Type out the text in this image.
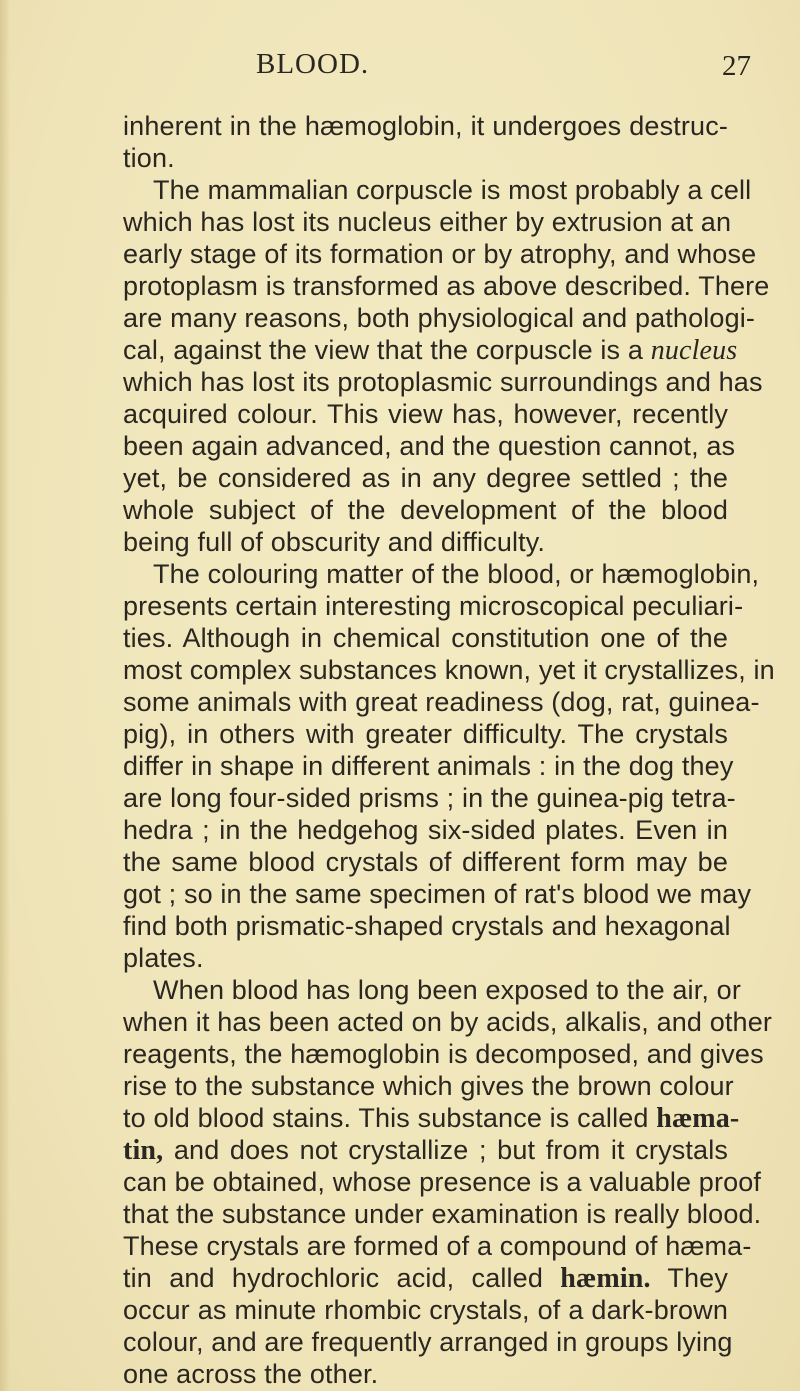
BLOOD.	27
inherent in the hæmoglobin, it undergoes destruc-
tion.
The mammalian corpuscle is most probably a cell
which has lost its nucleus either by extrusion at an
early stage of its formation or by atrophy, and whose
protoplasm is transformed as above described. There
are many reasons, both physiological and pathologi-
cal, against the view that the corpuscle is a nucleus
which has lost its protoplasmic surroundings and has
acquired colour. This view has, however, recently
been again advanced, and the question cannot, as
yet, be considered as in any degree settled ; the
whole subject of the development of the blood
being full of obscurity and difficulty.
The colouring matter of the blood, or hæmoglobin,
presents certain interesting microscopical peculiari-
ties. Although in chemical constitution one of the
most complex substances known, yet it crystallizes, in
some animals with great readiness (dog, rat, guinea-
pig), in others with greater difficulty. The crystals
differ in shape in different animals : in the dog they
are long four-sided prisms ; in the guinea-pig tetra-
hedra ; in the hedgehog six-sided plates. Even in
the same blood crystals of different form may be
got ; so in the same specimen of rat's blood we may
find both prismatic-shaped crystals and hexagonal
plates.
When blood has long been exposed to the air, or
when it has been acted on by acids, alkalis, and other
reagents, the hæmoglobin is decomposed, and gives
rise to the substance which gives the brown colour
to old blood stains. This substance is called hæma-
tin, and does not crystallize ; but from it crystals
can be obtained, whose presence is a valuable proof
that the substance under examination is really blood.
These crystals are formed of a compound of hæma-
tin and hydrochloric acid, called hæmin. They
occur as minute rhombic crystals, of a dark-brown
colour, and are frequently arranged in groups lying
one across the other.
